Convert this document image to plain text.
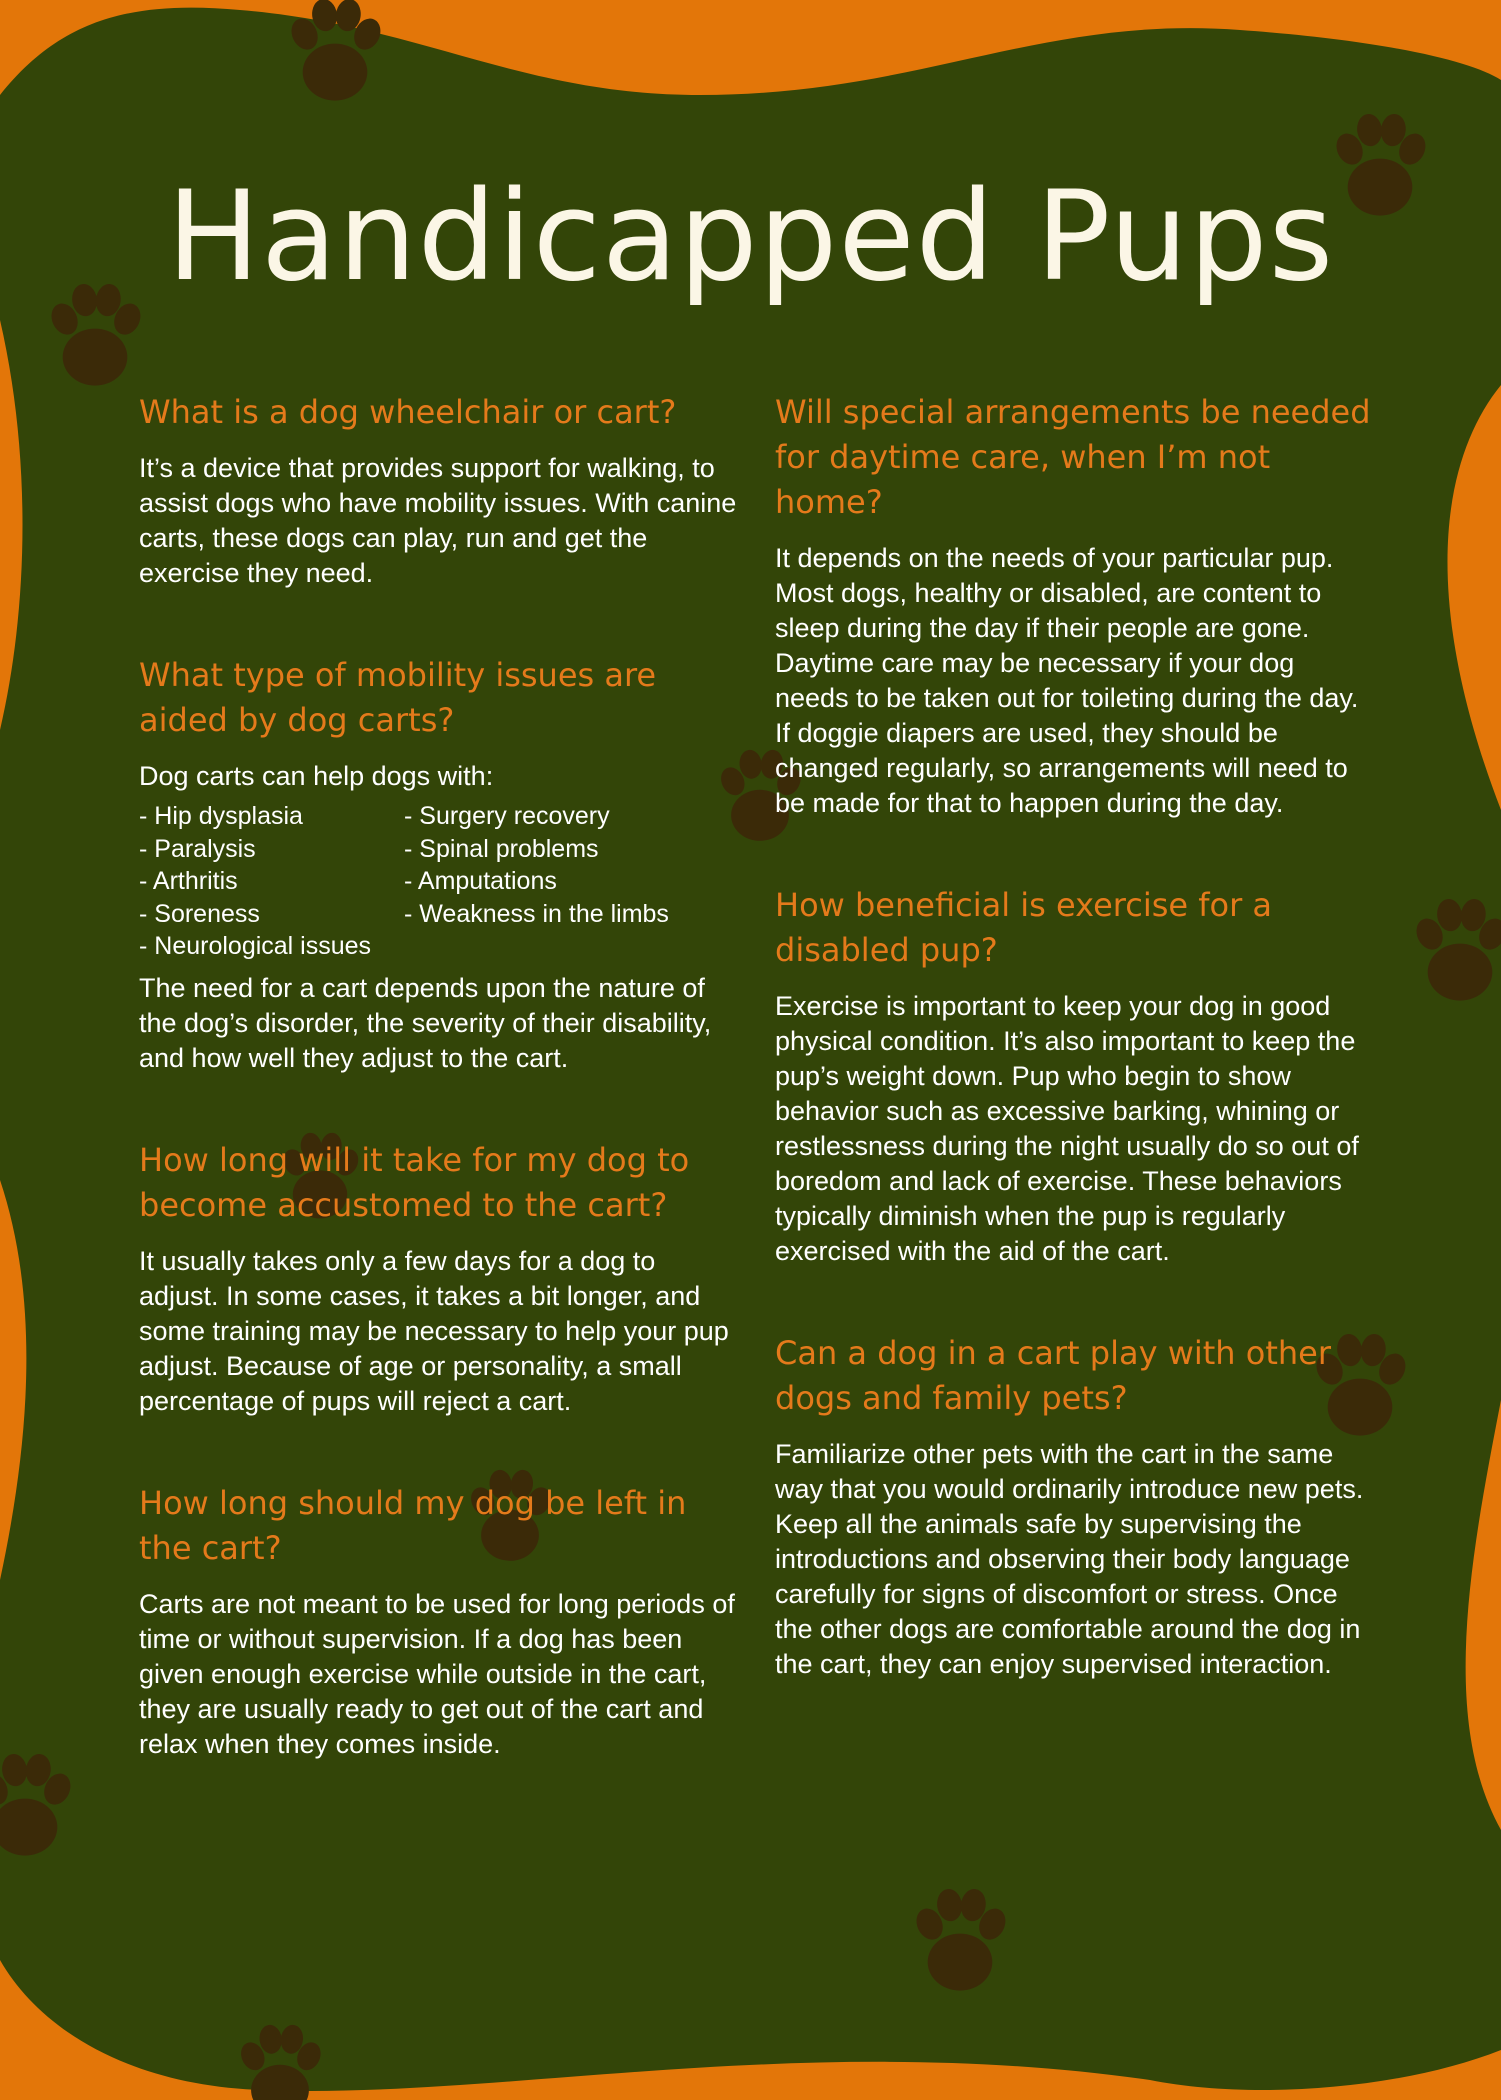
Handicapped Pups
What is a dog wheelchair or cart?

It’s a device that provides support for walking, to assist dogs who have mobility issues. With canine carts, these dogs can play, run and get the exercise they need.

What type of mobility issues are aided by dog carts?

Dog carts can help dogs with:

- Hip dysplasia
- Paralysis
- Arthritis
- Soreness
- Neurological issues
- Surgery recovery
- Spinal problems
- Amputations
- Weakness in the limbs

The need for a cart depends upon the nature of the dog’s disorder, the severity of their disability, and how well they adjust to the cart.

How long will it take for my dog to become accustomed to the cart?

It usually takes only a few days for a dog to adjust. In some cases, it takes a bit longer, and some training may be necessary to help your pup adjust. Because of age or personality, a small percentage of pups will reject a cart.

How long should my dog be left in the cart?

Carts are not meant to be used for long periods of time or without supervision. If a dog has been given enough exercise while outside in the cart, they are usually ready to get out of the cart and relax when they comes inside.

Will special arrangements be needed for daytime care, when I’m not home?

It depends on the needs of your particular pup. Most dogs, healthy or disabled, are content to sleep during the day if their people are gone. Daytime care may be necessary if your dog needs to be taken out for toileting during the day. If doggie diapers are used, they should be changed regularly, so arrangements will need to be made for that to happen during the day.

How beneficial is exercise for a disabled pup?

Exercise is important to keep your dog in good physical condition. It’s also important to keep the pup’s weight down. Pup who begin to show behavior such as excessive barking, whining or restlessness during the night usually do so out of boredom and lack of exercise. These behaviors typically diminish when the pup is regularly exercised with the aid of the cart.

Can a dog in a cart play with other dogs and family pets?

Familiarize other pets with the cart in the same way that you would ordinarily introduce new pets. Keep all the animals safe by supervising the introductions and observing their body language carefully for signs of discomfort or stress. Once the other dogs are comfortable around the dog in the cart, they can enjoy supervised interaction.
